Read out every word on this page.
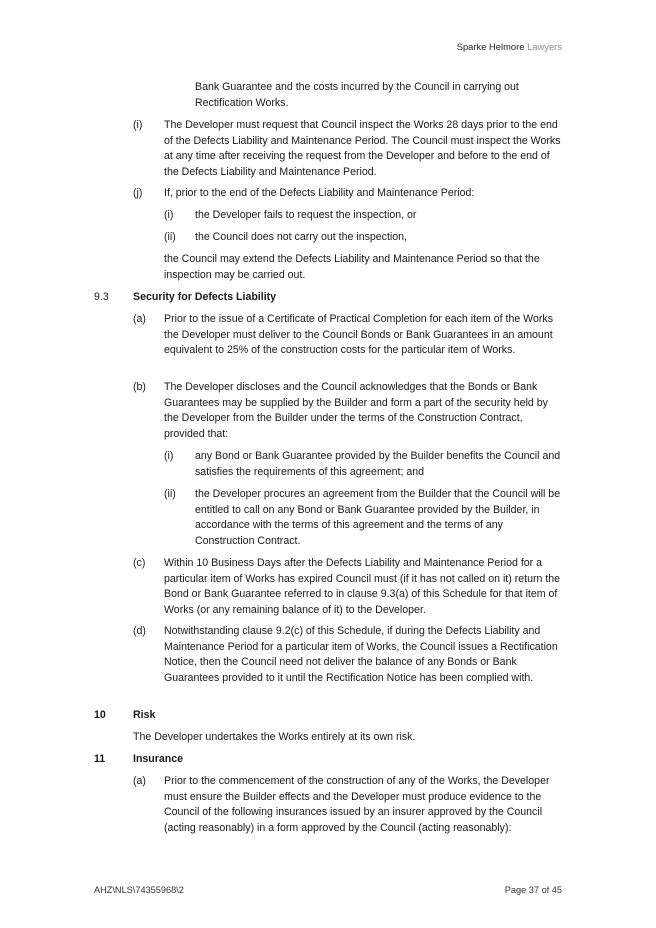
Sparke Helmore Lawyers

Bank Guarantee and the costs incurred by the Council in carrying out Rectification Works.

(i) The Developer must request that Council inspect the Works 28 days prior to the end of the Defects Liability and Maintenance Period. The Council must inspect the Works at any time after receiving the request from the Developer and before to the end of the Defects Liability and Maintenance Period.

(j) If, prior to the end of the Defects Liability and Maintenance Period:

(i) the Developer fails to request the inspection, or

(ii) the Council does not carry out the inspection,

the Council may extend the Defects Liability and Maintenance Period so that the inspection may be carried out.

9.3 Security for Defects Liability
(a) Prior to the issue of a Certificate of Practical Completion for each item of the Works the Developer must deliver to the Council Bonds or Bank Guarantees in an amount equivalent to 25% of the construction costs for the particular item of Works.

(b) The Developer discloses and the Council acknowledges that the Bonds or Bank Guarantees may be supplied by the Builder and form a part of the security held by the Developer from the Builder under the terms of the Construction Contract, provided that:

(i) any Bond or Bank Guarantee provided by the Builder benefits the Council and satisfies the requirements of this agreement; and

(ii) the Developer procures an agreement from the Builder that the Council will be entitled to call on any Bond or Bank Guarantee provided by the Builder, in accordance with the terms of this agreement and the terms of any Construction Contract.

(c) Within 10 Business Days after the Defects Liability and Maintenance Period for a particular item of Works has expired Council must (if it has not called on it) return the Bond or Bank Guarantee referred to in clause 9.3(a) of this Schedule for that item of Works (or any remaining balance of it) to the Developer.

(d) Notwithstanding clause 9.2(c) of this Schedule, if during the Defects Liability and Maintenance Period for a particular item of Works, the Council issues a Rectification Notice, then the Council need not deliver the balance of any Bonds or Bank Guarantees provided to it until the Rectification Notice has been complied with.

10	Risk

The Developer undertakes the Works entirely at its own risk.

11	Insurance
(a) Prior to the commencement of the construction of any of the Works, the Developer must ensure the Builder effects and the Developer must produce evidence to the Council of the following insurances issued by an insurer approved by the Council (acting reasonably) in a form approved by the Council (acting reasonably):

AHZ\NLS\74355968\2	Page 37 of 45
